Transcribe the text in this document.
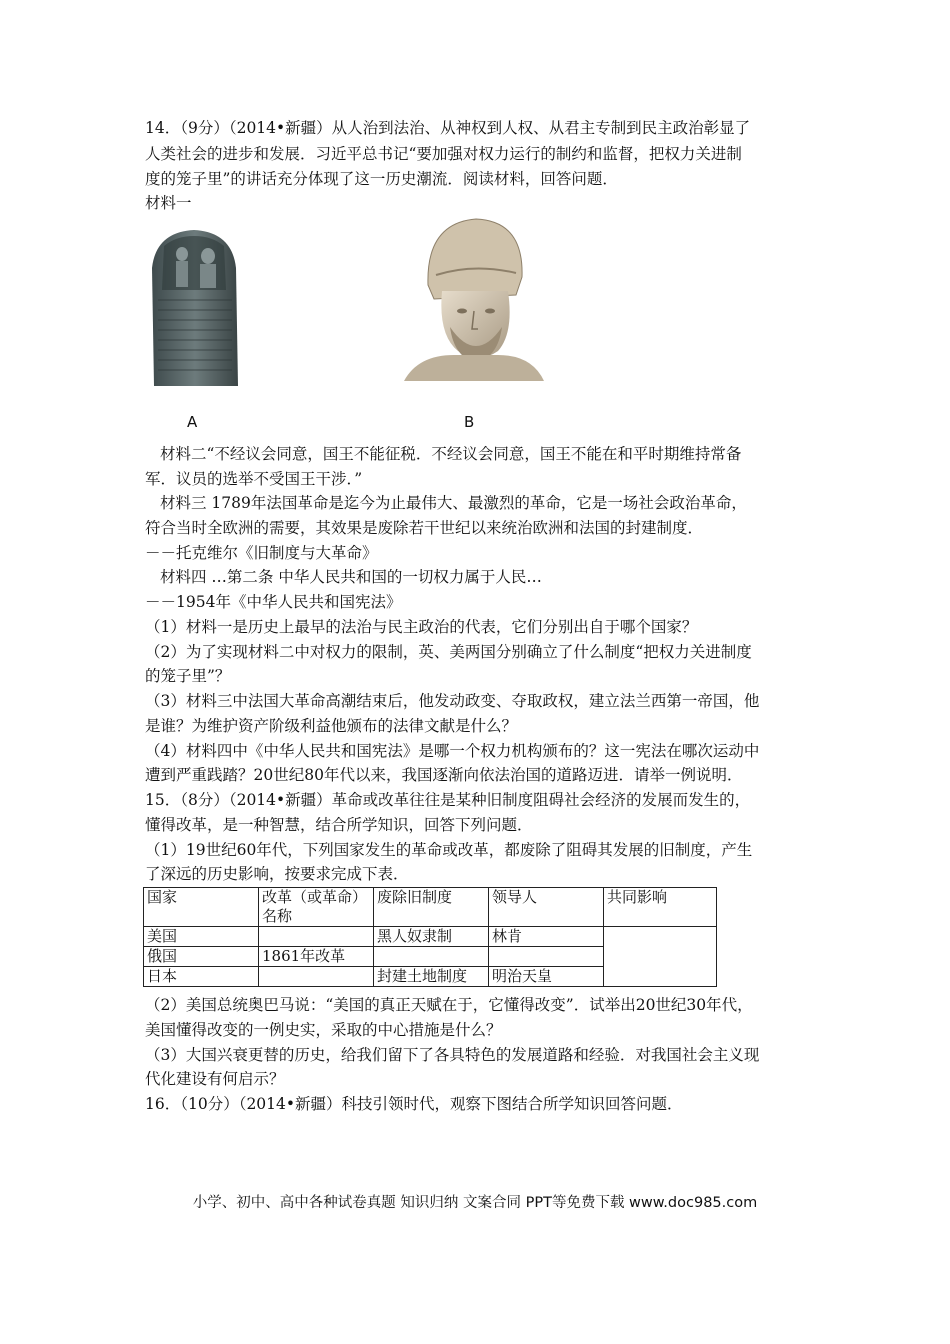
14．（9分）（2014•新疆）从人治到法治、从神权到人权、从君主专制到民主政治彰显了
人类社会的进步和发展．习近平总书记“要加强对权力运行的制约和监督，把权力关进制
度的笼子里”的讲话充分体现了这一历史潮流．阅读材料，回答问题．
材料一
A	B
材料二“不经议会同意，国王不能征税．不经议会同意，国王不能在和平时期维持常备
军．议员的选举不受国王干涉．”
材料三 1789年法国革命是迄今为止最伟大、最激烈的革命，它是一场社会政治革命，
符合当时全欧洲的需要，其效果是废除若干世纪以来统治欧洲和法国的封建制度．
－－托克维尔《旧制度与大革命》
材料四 …第二条 中华人民共和国的一切权力属于人民…
－－1954年《中华人民共和国宪法》
（1）材料一是历史上最早的法治与民主政治的代表，它们分别出自于哪个国家？
（2）为了实现材料二中对权力的限制，英、美两国分别确立了什么制度“把权力关进制度
的笼子里”？
（3）材料三中法国大革命高潮结束后，他发动政变、夺取政权，建立法兰西第一帝国，他
是谁？为维护资产阶级利益他颁布的法律文献是什么？
（4）材料四中《中华人民共和国宪法》是哪一个权力机构颁布的？这一宪法在哪次运动中
遭到严重践踏？20世纪80年代以来，我国逐渐向依法治国的道路迈进．请举一例说明．
15．（8分）（2014•新疆）革命或改革往往是某种旧制度阻碍社会经济的发展而发生的，
懂得改革，是一种智慧，结合所学知识，回答下列问题．
（1）19世纪60年代，下列国家发生的革命或改革，都废除了阻碍其发展的旧制度，产生
了深远的历史影响，按要求完成下表．
国家	改革（或革命）名称	废除旧制度	领导人	共同影响
美国		黑人奴隶制	林肯	
俄国	1861年改革			
日本		封建土地制度	明治天皇	
（2）美国总统奥巴马说：“美国的真正天赋在于，它懂得改变”．试举出20世纪30年代，
美国懂得改变的一例史实，采取的中心措施是什么？
（3）大国兴衰更替的历史，给我们留下了各具特色的发展道路和经验．对我国社会主义现
代化建设有何启示？
16．（10分）（2014•新疆）科技引领时代，观察下图结合所学知识回答问题．
小学、初中、高中各种试卷真题 知识归纳 文案合同 PPT等免费下载 www.doc985.com
